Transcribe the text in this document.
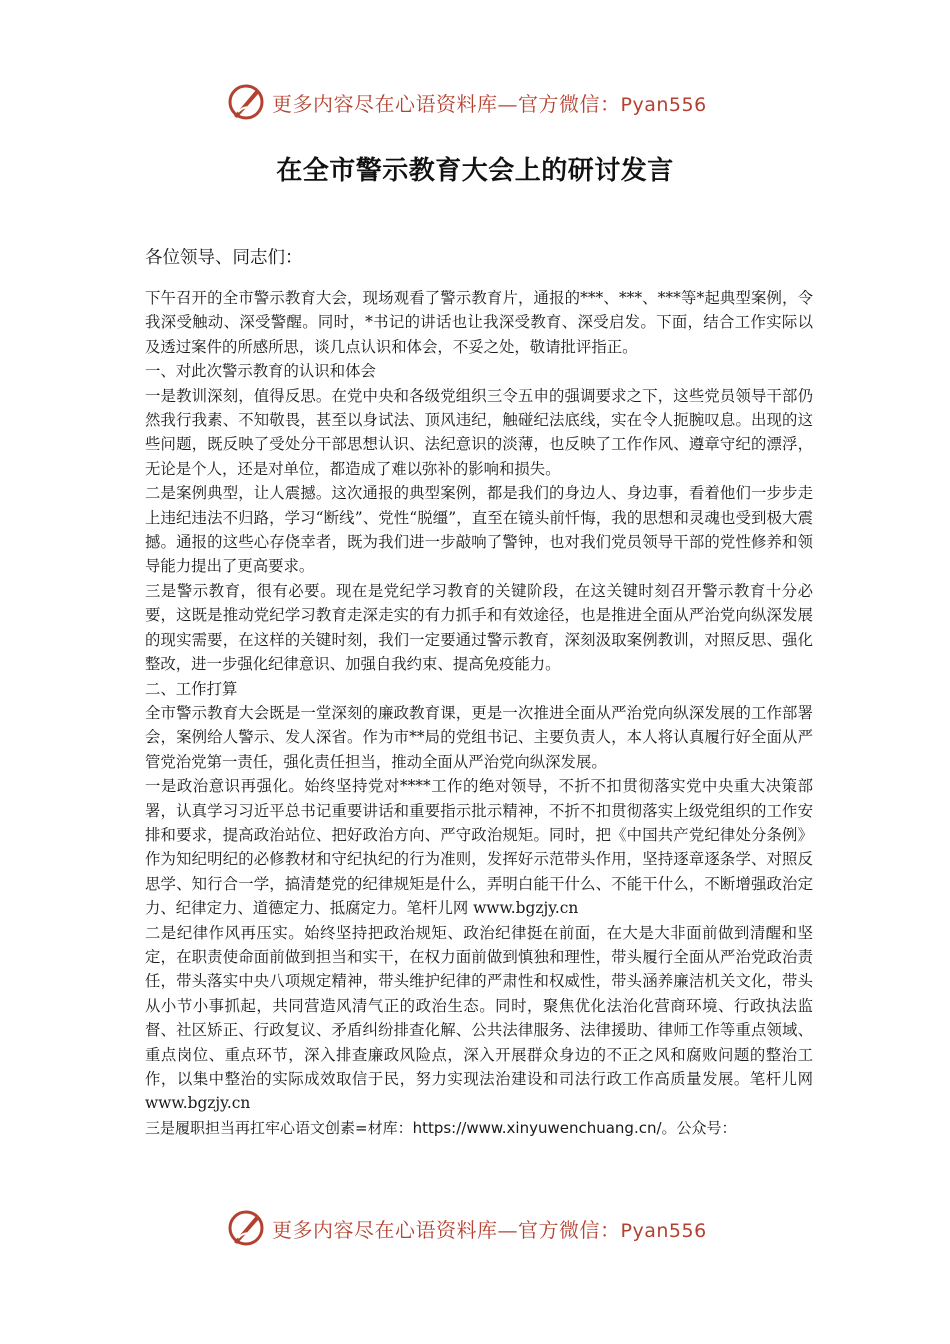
更多内容尽在心语资料库—官方微信：Pyan556
在全市警示教育大会上的研讨发言
各位领导、同志们：

下午召开的全市警示教育大会，现场观看了警示教育片，通报的***、***、***等*起典型案例，令我深受触动、深受警醒。同时，*书记的讲话也让我深受教育、深受启发。下面，结合工作实际以及透过案件的所感所思，谈几点认识和体会，不妥之处，敬请批评指正。

一、对此次警示教育的认识和体会

一是教训深刻，值得反思。在党中央和各级党组织三令五申的强调要求之下，这些党员领导干部仍然我行我素、不知敬畏，甚至以身试法、顶风违纪，触碰纪法底线，实在令人扼腕叹息。出现的这些问题，既反映了受处分干部思想认识、法纪意识的淡薄，也反映了工作作风、遵章守纪的漂浮，无论是个人，还是对单位，都造成了难以弥补的影响和损失。

二是案例典型，让人震撼。这次通报的典型案例，都是我们的身边人、身边事，看着他们一步步走上违纪违法不归路，学习“断线”、党性“脱缰”，直至在镜头前忏悔，我的思想和灵魂也受到极大震撼。通报的这些心存侥幸者，既为我们进一步敲响了警钟，也对我们党员领导干部的党性修养和领导能力提出了更高要求。

三是警示教育，很有必要。现在是党纪学习教育的关键阶段，在这关键时刻召开警示教育十分必要，这既是推动党纪学习教育走深走实的有力抓手和有效途径，也是推进全面从严治党向纵深发展的现实需要，在这样的关键时刻，我们一定要通过警示教育，深刻汲取案例教训，对照反思、强化整改，进一步强化纪律意识、加强自我约束、提高免疫能力。

二、工作打算

全市警示教育大会既是一堂深刻的廉政教育课，更是一次推进全面从严治党向纵深发展的工作部署会，案例给人警示、发人深省。作为市**局的党组书记、主要负责人，本人将认真履行好全面从严管党治党第一责任，强化责任担当，推动全面从严治党向纵深发展。

一是政治意识再强化。始终坚持党对****工作的绝对领导，不折不扣贯彻落实党中央重大决策部署，认真学习习近平总书记重要讲话和重要指示批示精神，不折不扣贯彻落实上级党组织的工作安排和要求，提高政治站位、把好政治方向、严守政治规矩。同时，把《中国共产党纪律处分条例》作为知纪明纪的必修教材和守纪执纪的行为准则，发挥好示范带头作用，坚持逐章逐条学、对照反思学、知行合一学，搞清楚党的纪律规矩是什么，弄明白能干什么、不能干什么，不断增强政治定力、纪律定力、道德定力、抵腐定力。笔杆儿网 www.bgzjy.cn

二是纪律作风再压实。始终坚持把政治规矩、政治纪律挺在前面，在大是大非面前做到清醒和坚定，在职责使命面前做到担当和实干，在权力面前做到慎独和理性，带头履行全面从严治党政治责任，带头落实中央八项规定精神，带头维护纪律的严肃性和权威性，带头涵养廉洁机关文化，带头从小节小事抓起，共同营造风清气正的政治生态。同时，聚焦优化法治化营商环境、行政执法监督、社区矫正、行政复议、矛盾纠纷排查化解、公共法律服务、法律援助、律师工作等重点领域、重点岗位、重点环节，深入排查廉政风险点，深入开展群众身边的不正之风和腐败问题的整治工作，以集中整治的实际成效取信于民，努力实现法治建设和司法行政工作高质量发展。笔杆儿网 www.bgzjy.cn

三是履职担当再扛牢心语文创素=材库：https://www.xinyuwenchuang.cn/。公众号：

更多内容尽在心语资料库—官方微信：Pyan556
